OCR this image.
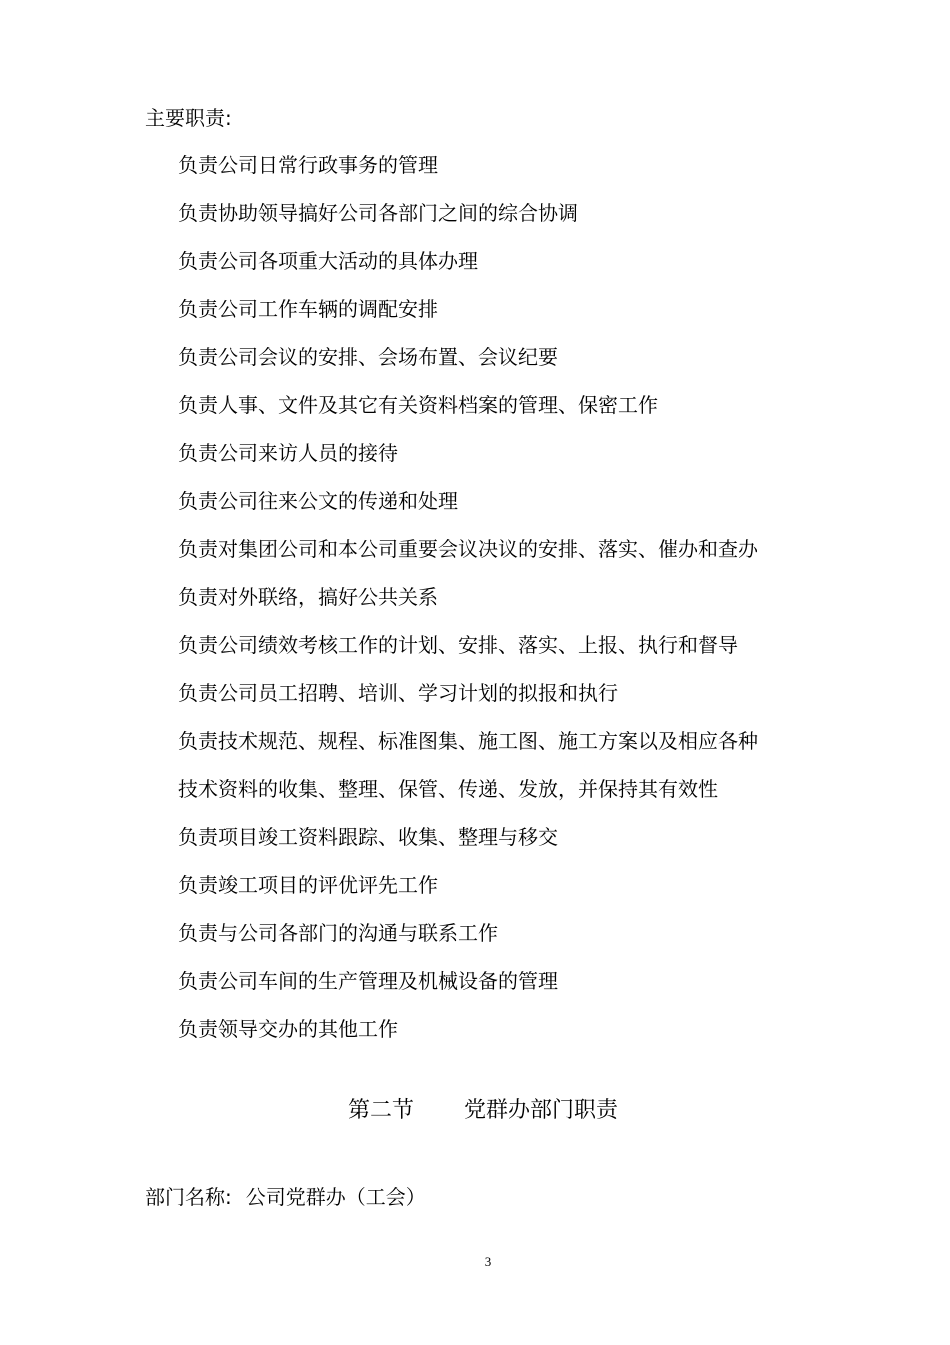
主要职责:
负责公司日常行政事务的管理
负责协助领导搞好公司各部门之间的综合协调
负责公司各项重大活动的具体办理
负责公司工作车辆的调配安排
负责公司会议的安排、会场布置、会议纪要
负责人事、文件及其它有关资料档案的管理、保密工作
负责公司来访人员的接待
负责公司往来公文的传递和处理
负责对集团公司和本公司重要会议决议的安排、落实、催办和查办
负责对外联络，搞好公共关系
负责公司绩效考核工作的计划、安排、落实、上报、执行和督导
负责公司员工招聘、培训、学习计划的拟报和执行
负责技术规范、规程、标准图集、施工图、施工方案以及相应各种
技术资料的收集、整理、保管、传递、发放，并保持其有效性
负责项目竣工资料跟踪、收集、整理与移交
负责竣工项目的评优评先工作
负责与公司各部门的沟通与联系工作
负责公司车间的生产管理及机械设备的管理
负责领导交办的其他工作
第二节 党群办部门职责
部门名称: 公司党群办（工会）
3
